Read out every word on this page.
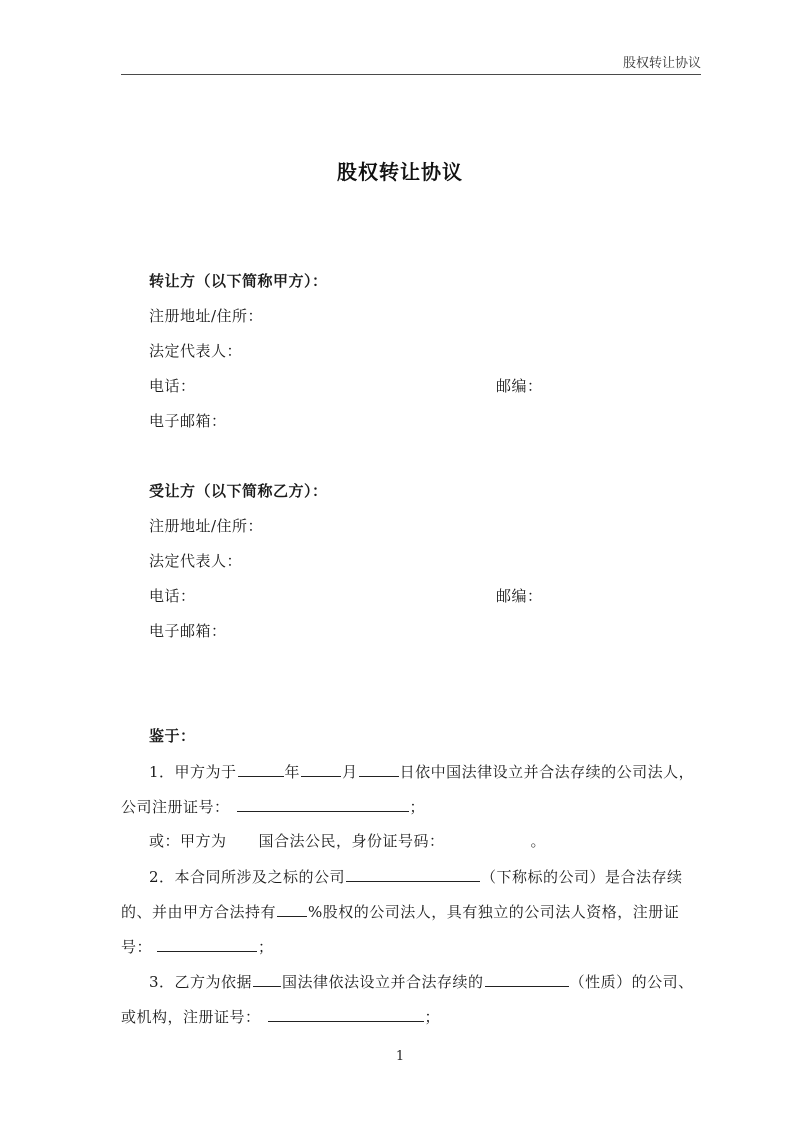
股权转让协议
股权转让协议
转让方（以下简称甲方）：
注册地址/住所：
法定代表人：
电话：	邮编：
电子邮箱：
受让方（以下简称乙方）：
注册地址/住所：
法定代表人：
电话：	邮编：
电子邮箱：
鉴于：
1．甲方为于	年	月	日依中国法律设立并合法存续的公司法人，
公司注册证号：	；
或：甲方为 国合法公民，身份证号码：	。
2．本合同所涉及之标的公司	（下称标的公司）是合法存续
的、并由甲方合法持有 %股权的公司法人，具有独立的公司法人资格，注册证
号：	；
3．乙方为依据 国法律依法设立并合法存续的	（性质）的公司、
或机构，注册证号：	；
1
